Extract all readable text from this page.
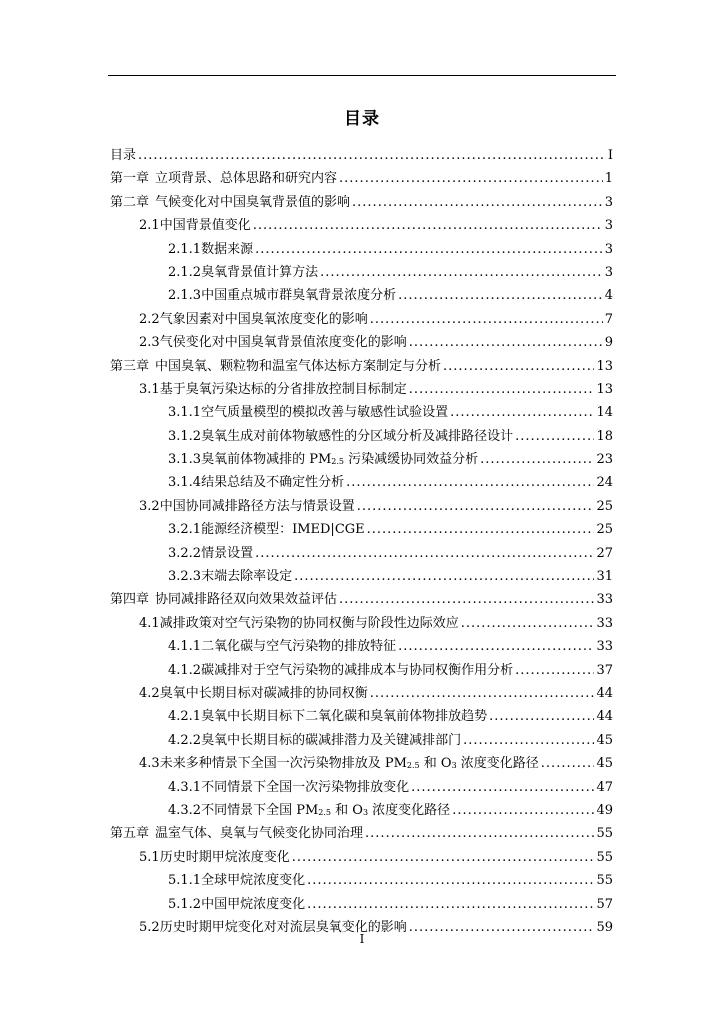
目录
目录 .....	I
第一章 立项背景、总体思路和研究内容 .....	1
第二章 气候变化对中国臭氧背景值的影响 .....	3
2.1 中国背景值变化 .....	3
2.1.1 数据来源 .....	3
2.1.2 臭氧背景值计算方法 .....	3
2.1.3 中国重点城市群臭氧背景浓度分析 .....	4
2.2 气象因素对中国臭氧浓度变化的影响 .....	7
2.3 气侯变化对中国臭氧背景值浓度变化的影响 .....	9
第三章 中国臭氧、颗粒物和温室气体达标方案制定与分析 .....	13
3.1 基于臭氧污染达标的分省排放控制目标制定 .....	13
3.1.1 空气质量模型的模拟改善与敏感性试验设置 .....	14
3.1.2 臭氧生成对前体物敏感性的分区域分析及减排路径设计 .....	18
3.1.3 臭氧前体物减排的 $PM_{2.5}$ 污染减缓协同效益分析 .....	23
3.1.4 结果总结及不确定性分析 .....	24
3.2 中国协同减排路径方法与情景设置 .....	25
3.2.1 能源经济模型：IMED|CGE .....	25
3.2.2 情景设置 .....	27
3.2.3 末端去除率设定 .....	31
第四章 协同减排路径双向效果效益评估 .....	33
4.1 减排政策对空气污染物的协同权衡与阶段性边际效应 .....	33
4.1.1 二氧化碳与空气污染物的排放特征 .....	33
4.1.2 碳减排对于空气污染物的减排成本与协同权衡作用分析 .....	37
4.2 臭氧中长期目标对碳减排的协同权衡 .....	44
4.2.1 臭氧中长期目标下二氧化碳和臭氧前体物排放趋势 .....	44
4.2.2 臭氧中长期目标的碳减排潜力及关键减排部门 .....	45
4.3 未来多种情景下全国一次污染物排放及 $PM_{2.5}$ 和 $O_3$ 浓度变化路径 .....	45
4.3.1 不同情景下全国一次污染物排放变化 .....	47
4.3.2 不同情景下全国 $PM_{2.5}$ 和 $O_3$ 浓度变化路径 .....	49
第五章 温室气体、臭氧与气候变化协同治理 .....	55
5.1 历史时期甲烷浓度变化 .....	55
5.1.1 全球甲烷浓度变化 .....	55
5.1.2 中国甲烷浓度变化 .....	57
5.2 历史时期甲烷变化对对流层臭氧变化的影响 .....	59
I
